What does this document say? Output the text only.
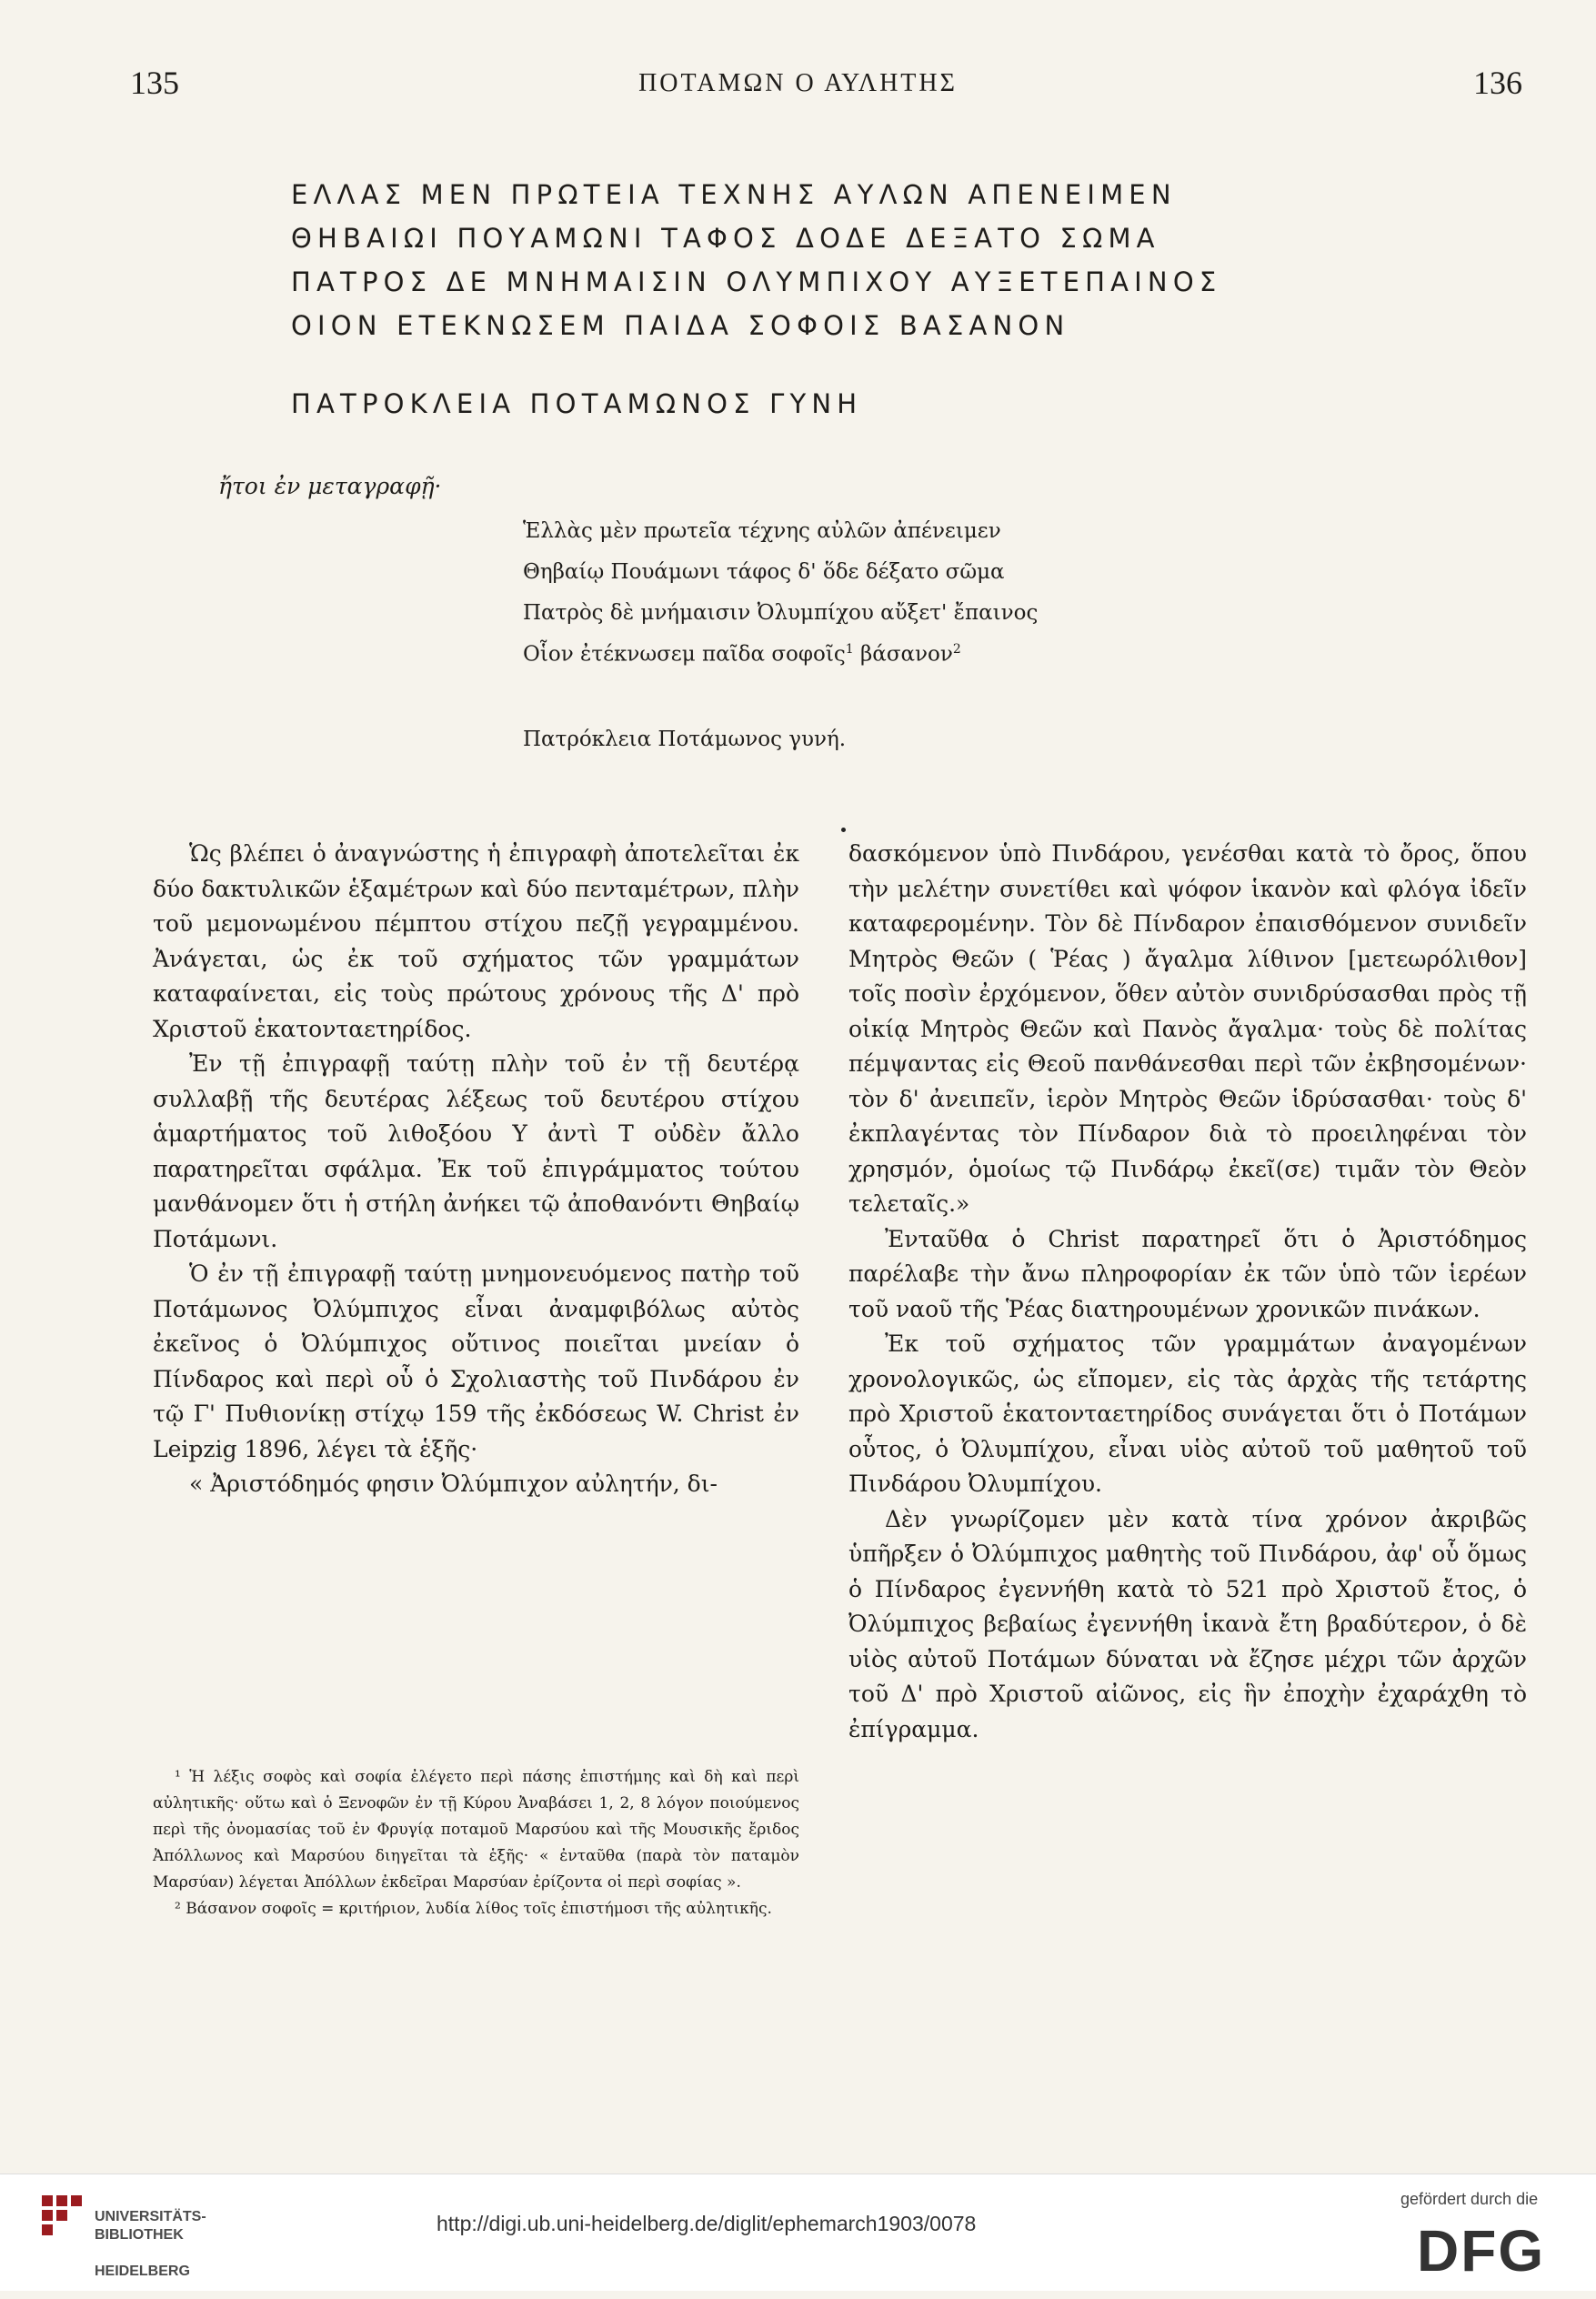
135	ΠΟΤΑΜΩΝ Ο ΑΥΛΗΤΗΣ	136
ΕΛΛΑΣ ΜΕΝ ΠΡΩΤΕΙΑ ΤΕΧΝΗΣ ΑΥΛΩΝ ΑΠΕΝΕΙΜΕΝ
ΘΗΒΑΙΩΙ ΠΟΥΑΜΩΝΙ ΤΑΦΟΣ ΔΟΔΕ ΔΕΞΑΤΟ ΣΩΜΑ
ΠΑΤΡΟΣ ΔΕ ΜΝΗΜΑΙΣΙΝ ΟΛΥΜΠΙΧΟΥ ΑΥΞΕΤΕΠΑΙΝΟΣ
ΟΙΟΝ ΕΤΕΚΝΩΣΕΜ ΠΑΙΔΑ ΣΟΦΟΙΣ ΒΑΣΑΝΟΝ
ΠΑΤΡΟΚΛΕΙΑ ΠΟΤΑΜΩΝΟΣ ΓΥΝΗ
ἤτοι ἐν μεταγραφῇ·
Ἑλλὰς μὲν πρωτεῖα τέχνης αὐλῶν ἀπένειμεν
Θηβαίῳ Πουάμωνι τάφος δ' ὅδε δέξατο σῶμα
Πατρὸς δὲ μνήμαισιν Ὀλυμπίχου αὔξετ' ἔπαινος
Οἷον ἐτέκνωσεμ παῖδα σοφοῖς$^1$ βάσανον$^2$
Πατρόκλεια Ποτάμωνος γυνή.

Ὡς βλέπει ὁ ἀναγνώστης ἡ ἐπιγραφὴ ἀποτελεῖται ἐκ δύο δακτυλικῶν ἑξαμέτρων καὶ δύο πενταμέτρων, πλὴν τοῦ μεμονωμένου πέμπτου στίχου πεζῇ γεγραμμένου. Ἀνάγεται, ὡς ἐκ τοῦ σχήματος τῶν γραμμάτων καταφαίνεται, εἰς τοὺς πρώτους χρόνους τῆς Δ' πρὸ Χριστοῦ ἑκατονταετηρίδος.

Ἐν τῇ ἐπιγραφῇ ταύτῃ πλὴν τοῦ ἐν τῇ δευτέρᾳ συλλαβῇ τῆς δευτέρας λέξεως τοῦ δευτέρου στίχου ἁμαρτήματος τοῦ λιθοξόου Υ ἀντὶ Τ οὐδὲν ἄλλο παρατηρεῖται σφάλμα. Ἐκ τοῦ ἐπιγράμματος τούτου μανθάνομεν ὅτι ἡ στήλη ἀνήκει τῷ ἀποθανόντι Θηβαίῳ Ποτάμωνι.

Ὁ ἐν τῇ ἐπιγραφῇ ταύτῃ μνημονευόμενος πατὴρ τοῦ Ποτάμωνος Ὀλύμπιχος εἶναι ἀναμφιβόλως αὐτὸς ἐκεῖνος ὁ Ὀλύμπιχος οὔτινος ποιεῖται μνείαν ὁ Πίνδαρος καὶ περὶ οὗ ὁ Σχολιαστὴς τοῦ Πινδάρου ἐν τῷ Γ' Πυθιονίκῃ στίχῳ 159 τῆς ἐκδόσεως W. Christ ἐν Leipzig 1896, λέγει τὰ ἑξῆς·

« Ἀριστόδημός φησιν Ὀλύμπιχον αὐλητήν, δι-

δασκόμενον ὑπὸ Πινδάρου, γενέσθαι κατὰ τὸ ὄρος, ὅπου τὴν μελέτην συνετίθει καὶ ψόφον ἱκανὸν καὶ φλόγα ἰδεῖν καταφερομένην. Τὸν δὲ Πίνδαρον ἐπαισθόμενον συνιδεῖν Μητρὸς Θεῶν ( Ῥέας ) ἄγαλμα λίθινον [μετεωρόλιθον] τοῖς ποσὶν ἐρχόμενον, ὅθεν αὐτὸν συνιδρύσασθαι πρὸς τῇ οἰκίᾳ Μητρὸς Θεῶν καὶ Πανὸς ἄγαλμα· τοὺς δὲ πολίτας πέμψαντας εἰς Θεοῦ πανθάνεσθαι περὶ τῶν ἐκβησομένων· τὸν δ' ἀνειπεῖν, ἱερὸν Μητρὸς Θεῶν ἱδρύσασθαι· τοὺς δ' ἐκπλαγέντας τὸν Πίνδαρον διὰ τὸ προειληφέναι τὸν χρησμόν, ὁμοίως τῷ Πινδάρῳ ἐκεῖ(σε) τιμᾶν τὸν Θεὸν τελεταῖς.»

Ἐνταῦθα ὁ Christ παρατηρεῖ ὅτι ὁ Ἀριστόδημος παρέλαβε τὴν ἄνω πληροφορίαν ἐκ τῶν ὑπὸ τῶν ἱερέων τοῦ ναοῦ τῆς Ῥέας διατηρουμένων χρονικῶν πινάκων.

Ἐκ τοῦ σχήματος τῶν γραμμάτων ἀναγομένων χρονολογικῶς, ὡς εἴπομεν, εἰς τὰς ἀρχὰς τῆς τετάρτης πρὸ Χριστοῦ ἑκατονταετηρίδος συνάγεται ὅτι ὁ Ποτάμων οὗτος, ὁ Ὀλυμπίχου, εἶναι υἱὸς αὐτοῦ τοῦ μαθητοῦ τοῦ Πινδάρου Ὀλυμπίχου.

Δὲν γνωρίζομεν μὲν κατὰ τίνα χρόνον ἀκριβῶς ὑπῆρξεν ὁ Ὀλύμπιχος μαθητὴς τοῦ Πινδάρου, ἀφ' οὗ ὅμως ὁ Πίνδαρος ἐγεννήθη κατὰ τὸ 521 πρὸ Χριστοῦ ἔτος, ὁ Ὀλύμπιχος βεβαίως ἐγεννήθη ἱκανὰ ἔτη βραδύτερον, ὁ δὲ υἱὸς αὐτοῦ Ποτάμων δύναται νὰ ἔζησε μέχρι τῶν ἀρχῶν τοῦ Δ' πρὸ Χριστοῦ αἰῶνος, εἰς ἣν ἐποχὴν ἐχαράχθη τὸ ἐπίγραμμα.

¹ Ἡ λέξις σοφὸς καὶ σοφία ἐλέγετο περὶ πάσης ἐπιστήμης καὶ δὴ καὶ περὶ αὐλητικῆς· οὕτω καὶ ὁ Ξενοφῶν ἐν τῇ Κύρου Ἀναβάσει 1, 2, 8 λόγον ποιούμενος περὶ τῆς ὀνομασίας τοῦ ἐν Φρυγίᾳ ποταμοῦ Μαρσύου καὶ τῆς Μουσικῆς ἔριδος Ἀπόλλωνος καὶ Μαρσύου διηγεῖται τὰ ἑξῆς· « ἐνταῦθα (παρὰ τὸν παταμὸν Μαρσύαν) λέγεται Ἀπόλλων ἐκδεῖραι Μαρσύαν ἐρίζοντα οἱ περὶ σοφίας ».

² Βάσανον σοφοῖς = κριτήριον, λυδία λίθος τοῖς ἐπιστήμοσι τῆς αὐλητικῆς.

UNIVERSITÄTS-

BIBLIOTHEK

HEIDELBERG

http://digi.ub.uni-heidelberg.de/diglit/ephemarch1903/0078
gefördert durch die
DFG
